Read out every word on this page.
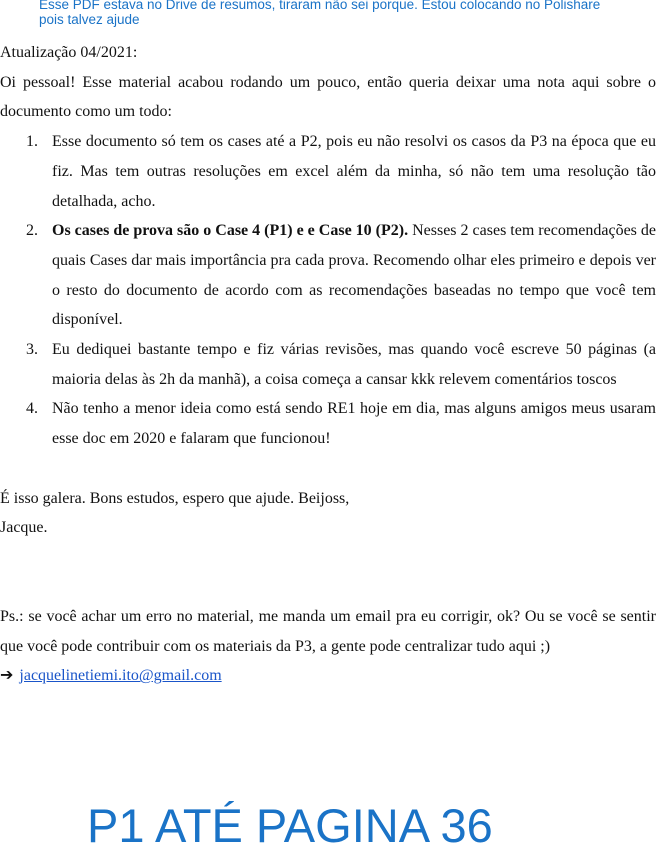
Esse PDF estava no Drive de resumos, tiraram não sei porque. Estou colocando no Polishare
pois talvez ajude

Atualização 04/2021:

Oi pessoal! Esse material acabou rodando um pouco, então queria deixar uma nota aqui sobre o documento como um todo:

1. Esse documento só tem os cases até a P2, pois eu não resolvi os casos da P3 na época que eu fiz. Mas tem outras resoluções em excel além da minha, só não tem uma resolução tão detalhada, acho.
2. Os cases de prova são o Case 4 (P1) e e Case 10 (P2). Nesses 2 cases tem recomendações de quais Cases dar mais importância pra cada prova. Recomendo olhar eles primeiro e depois ver o resto do documento de acordo com as recomendações baseadas no tempo que você tem disponível.
3. Eu dediquei bastante tempo e fiz várias revisões, mas quando você escreve 50 páginas (a maioria delas às 2h da manhã), a coisa começa a cansar kkk relevem comentários toscos
4. Não tenho a menor ideia como está sendo RE1 hoje em dia, mas alguns amigos meus usaram esse doc em 2020 e falaram que funcionou!

É isso galera. Bons estudos, espero que ajude. Beijoss,

Jacque.

Ps.: se você achar um erro no material, me manda um email pra eu corrigir, ok? Ou se você se sentir que você pode contribuir com os materiais da P3, a gente pode centralizar tudo aqui ;)

➔ jacquelinetiemi.ito@gmail.com

P1 ATÉ PAGINA 36
